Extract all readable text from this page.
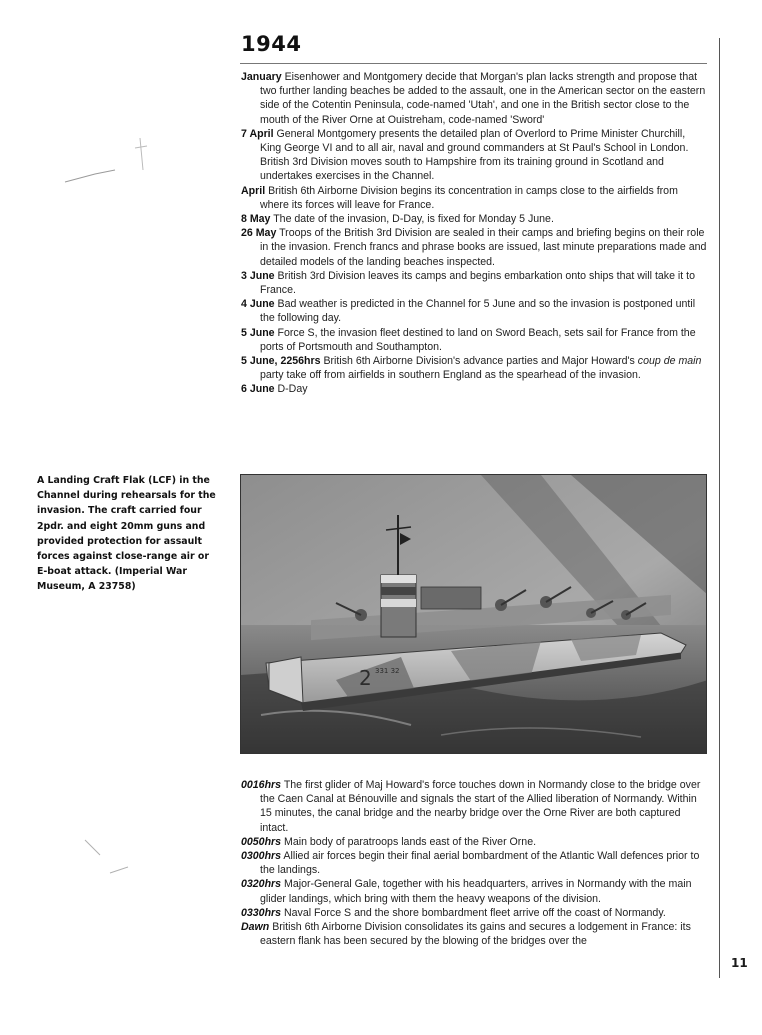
1944

January Eisenhower and Montgomery decide that Morgan's plan lacks strength and propose that two further landing beaches be added to the assault, one in the American sector on the eastern side of the Cotentin Peninsula, code-named 'Utah', and one in the British sector close to the mouth of the River Orne at Ouistreham, code-named 'Sword'

7 April General Montgomery presents the detailed plan of Overlord to Prime Minister Churchill, King George VI and to all air, naval and ground commanders at St Paul's School in London. British 3rd Division moves south to Hampshire from its training ground in Scotland and undertakes exercises in the Channel.

April British 6th Airborne Division begins its concentration in camps close to the airfields from where its forces will leave for France.

8 May The date of the invasion, D-Day, is fixed for Monday 5 June.

26 May Troops of the British 3rd Division are sealed in their camps and briefing begins on their role in the invasion. French francs and phrase books are issued, last minute preparations made and detailed models of the landing beaches inspected.

3 June British 3rd Division leaves its camps and begins embarkation onto ships that will take it to France.

4 June Bad weather is predicted in the Channel for 5 June and so the invasion is postponed until the following day.

5 June Force S, the invasion fleet destined to land on Sword Beach, sets sail for France from the ports of Portsmouth and Southampton.

5 June, 2256hrs British 6th Airborne Division's advance parties and Major Howard's coup de main party take off from airfields in southern England as the spearhead of the invasion.

6 June D-Day

A Landing Craft Flak (LCF) in the Channel during rehearsals for the invasion. The craft carried four 2pdr. and eight 20mm guns and provided protection for assault forces against close-range air or E-boat attack. (Imperial War Museum, A 23758)
2 331 32

0016hrs The first glider of Maj Howard's force touches down in Normandy close to the bridge over the Caen Canal at Bénouville and signals the start of the Allied liberation of Normandy. Within 15 minutes, the canal bridge and the nearby bridge over the Orne River are both captured intact.

0050hrs Main body of paratroops lands east of the River Orne.

0300hrs Allied air forces begin their final aerial bombardment of the Atlantic Wall defences prior to the landings.

0320hrs Major-General Gale, together with his headquarters, arrives in Normandy with the main glider landings, which bring with them the heavy weapons of the division.

0330hrs Naval Force S and the shore bombardment fleet arrive off the coast of Normandy.

Dawn British 6th Airborne Division consolidates its gains and secures a lodgement in France: its eastern flank has been secured by the blowing of the bridges over the

11
